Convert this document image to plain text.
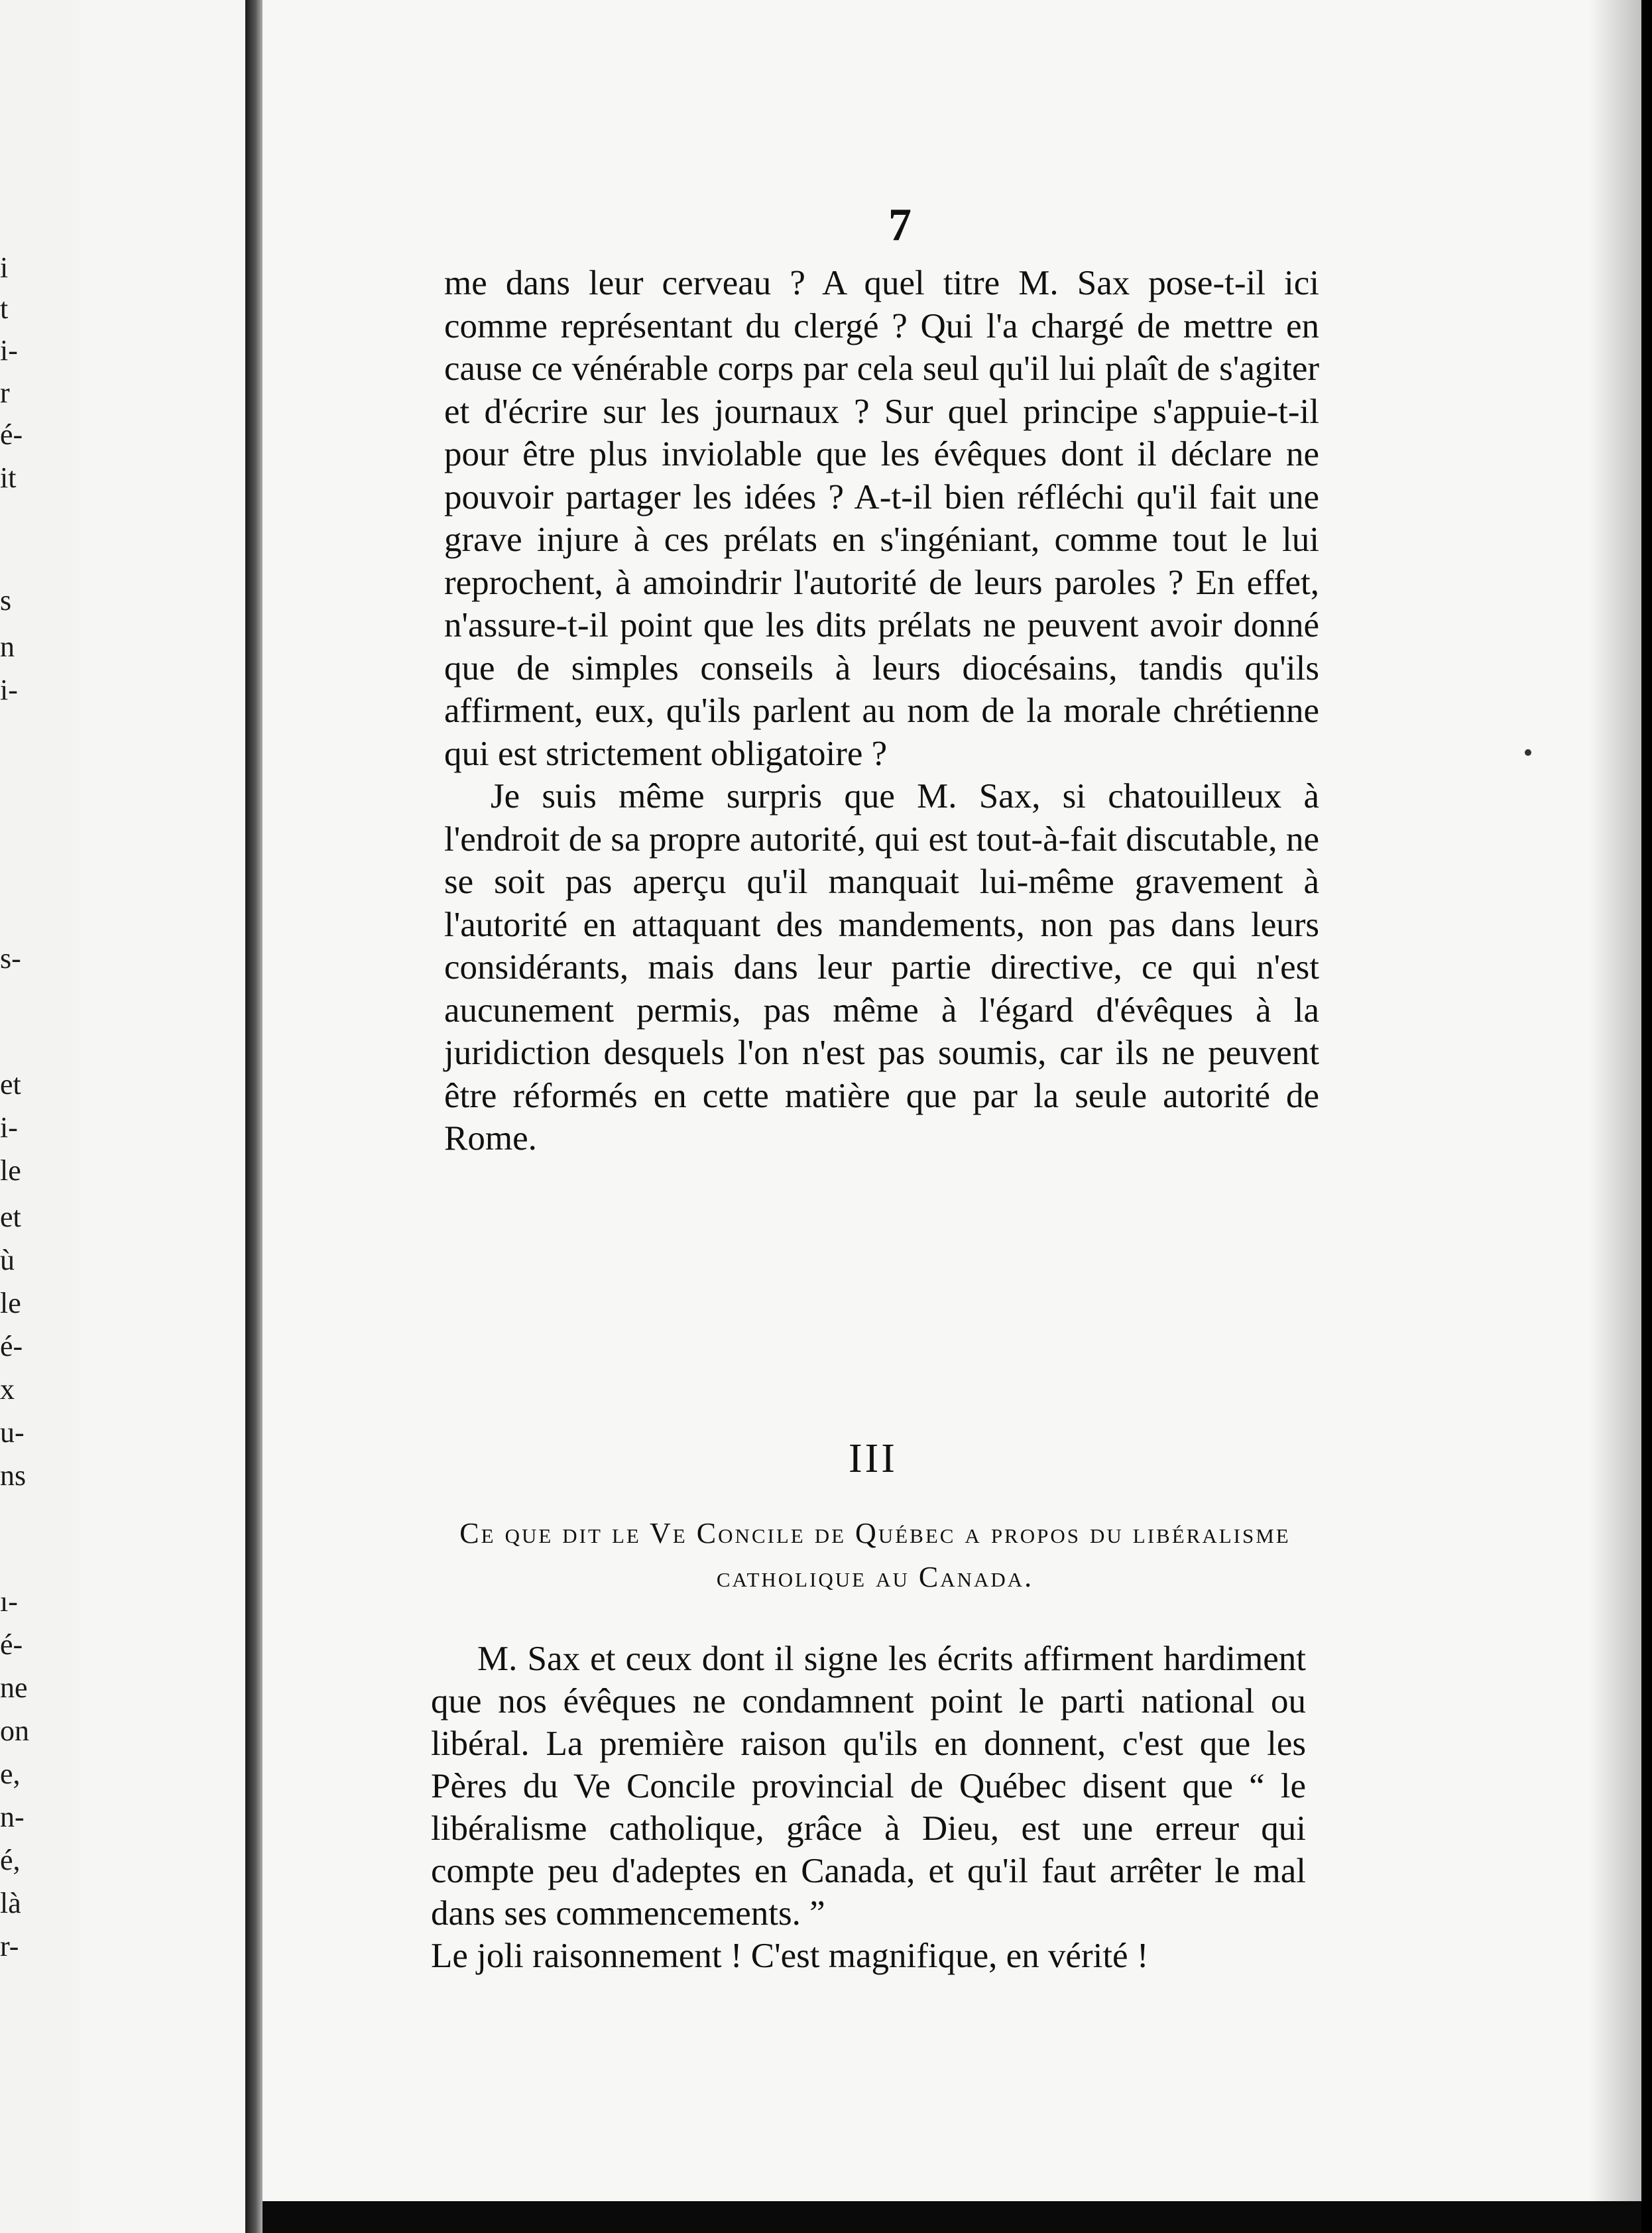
i
t
i-
r
é-
it
s
n
i-
s-
et
i-
le
et
ù
le
é-
x
u-
ns
ı-
é-
ne
on
e,
n-
é,
là
r-
7

me dans leur cerveau ? A quel titre M. Sax pose-t-il ici comme représentant du clergé ? Qui l'a chargé de mettre en cause ce vénérable corps par cela seul qu'il lui plaît de s'agiter et d'écrire sur les journaux ? Sur quel principe s'appuie-t-il pour être plus inviolable que les évêques dont il déclare ne pouvoir partager les idées ? A-t-il bien réfléchi qu'il fait une grave injure à ces prélats en s'ingéniant, comme tout le lui reprochent, à amoindrir l'autorité de leurs paroles ? En effet, n'assure-t-il point que les dits prélats ne peuvent avoir donné que de simples conseils à leurs diocésains, tandis qu'ils affirment, eux, qu'ils parlent au nom de la morale chrétienne qui est strictement obligatoire ?

Je suis même surpris que M. Sax, si chatouilleux à l'endroit de sa propre autorité, qui est tout-à-fait discutable, ne se soit pas aperçu qu'il manquait lui-même gravement à l'autorité en attaquant des mandements, non pas dans leurs considérants, mais dans leur partie directive, ce qui n'est aucunement permis, pas même à l'égard d'évêques à la juridiction desquels l'on n'est pas soumis, car ils ne peuvent être réformés en cette matière que par la seule autorité de Rome.

III
Ce que dit le Ve Concile de Québec a propos du libéralisme catholique au Canada.

M. Sax et ceux dont il signe les écrits affirment hardiment que nos évêques ne condamnent point le parti national ou libéral. La première raison qu'ils en donnent, c'est que les Pères du Ve Concile provincial de Québec disent que “ le libéralisme catholique, grâce à Dieu, est une erreur qui compte peu d'adeptes en Canada, et qu'il faut arrêter le mal dans ses commencements. ”

Le joli raisonnement ! C'est magnifique, en vérité !
